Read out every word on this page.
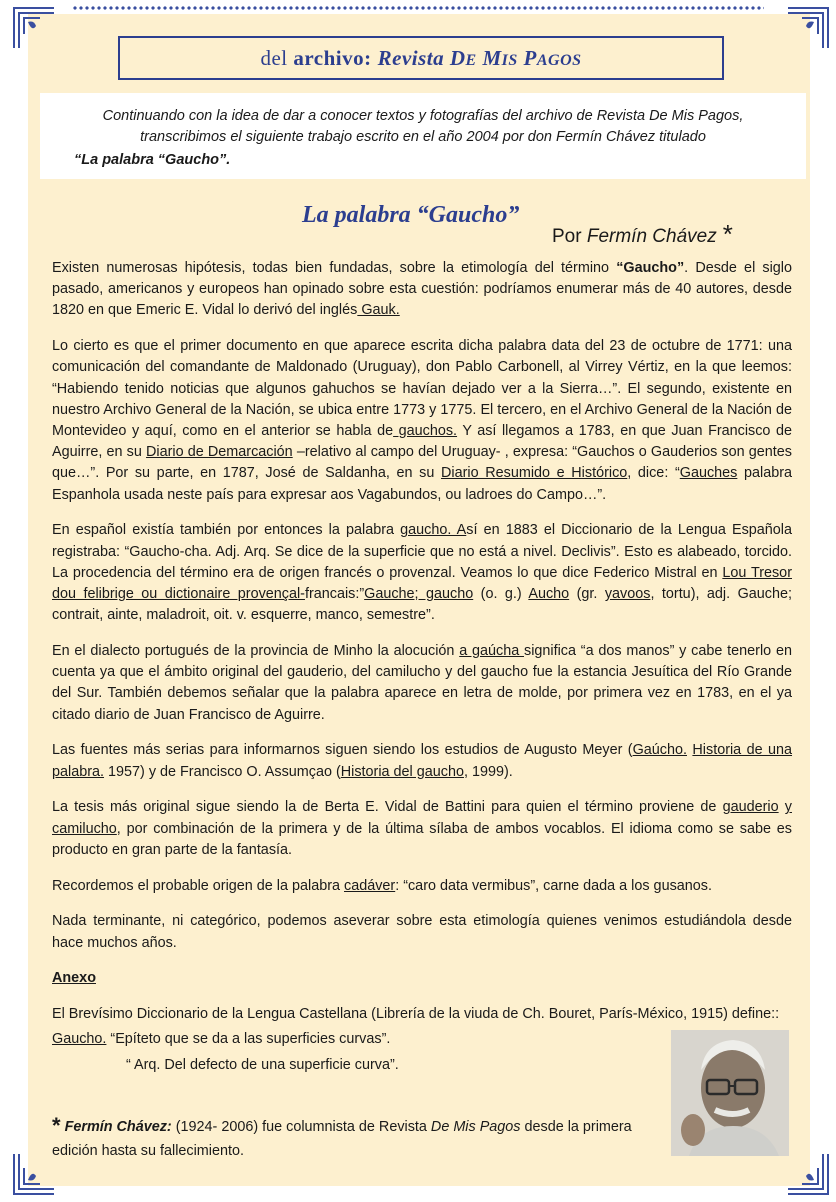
del
archivo: Revista DE MIS PAGOS
Continuando con la idea de dar a conocer textos y fotografías del archivo de Revista De Mis Pagos,
transcribimos el siguiente trabajo escrito en el año 2004 por don Fermín Chávez titulado
“La palabra “Gaucho”.
La palabra “Gaucho”
Por Fermín Chávez *

Existen numerosas hipótesis, todas bien fundadas, sobre la etimología del término “Gaucho”. Desde el siglo pasado, americanos y europeos han opinado sobre esta cuestión: podríamos enumerar más de 40 autores, desde 1820 en que Emeric E. Vidal lo derivó del inglés Gauk.

Lo cierto es que el primer documento en que aparece escrita dicha palabra data del 23 de octubre de 1771: una comunicación del comandante de Maldonado (Uruguay), don Pablo Carbonell, al Virrey Vértiz, en la que leemos: “Habiendo tenido noticias que algunos gahuchos se havían dejado ver a la Sierra…”. El segundo, existente en nuestro Archivo General de la Nación, se ubica entre 1773 y 1775. El tercero, en el Archivo General de la Nación de Montevideo y aquí, como en el anterior se habla de gauchos. Y así llegamos a 1783, en que Juan Francisco de Aguirre, en su Diario de Demarcación –relativo al campo del Uruguay- , expresa: “Gauchos o Gauderios son gentes que…”. Por su parte, en 1787, José de Saldanha, en su Diario Resumido e Histórico, dice: “Gauches palabra Espanhola usada neste país para expresar aos Vagabundos, ou ladroes do Campo…”.

En español existía también por entonces la palabra gaucho. Así en 1883 el Diccionario de la Lengua Española registraba: “Gaucho-cha. Adj. Arq. Se dice de la superficie que no está a nivel. Declivis”. Esto es alabeado, torcido. La procedencia del término era de origen francés o provenzal. Veamos lo que dice Federico Mistral en Lou Tresor dou felibrige ou dictionaire provençal-francais:”Gauche; gaucho (o. g.) Aucho (gr. yavoos, tortu), adj. Gauche; contrait, ainte, maladroit, oit. v. esquerre, manco, semestre”.

En el dialecto portugués de la provincia de Minho la alocución a gaúcha significa “a dos manos” y cabe tenerlo en cuenta ya que el ámbito original del gauderio, del camilucho y del gaucho fue la estancia Jesuítica del Río Grande del Sur. También debemos señalar que la palabra aparece en letra de molde, por primera vez en 1783, en el ya citado diario de Juan Francisco de Aguirre.

Las fuentes más serias para informarnos siguen siendo los estudios de Augusto Meyer (Gaúcho. Historia de una palabra. 1957) y de Francisco O. Assumçao (Historia del gaucho, 1999).

La tesis más original sigue siendo la de Berta E. Vidal de Battini para quien el término proviene de gauderio y camilucho, por combinación de la primera y de la última sílaba de ambos vocablos. El idioma como se sabe es producto en gran parte de la fantasía.

Recordemos el probable origen de la palabra cadáver: “caro data vermibus”, carne dada a los gusanos.

Nada terminante, ni categórico, podemos aseverar sobre esta etimología quienes venimos estudiándola desde hace muchos años.

Anexo

El Brevísimo Diccionario de la Lengua Castellana (Librería de la viuda de Ch. Bouret, París-México, 1915) define::

Gaucho. “Epíteto que se da a las superficies curvas”.

“ Arq. Del defecto de una superficie curva”.

* Fermín Chávez: (1924- 2006) fue columnista de Revista De Mis Pagos desde la primera edición hasta su fallecimiento.
